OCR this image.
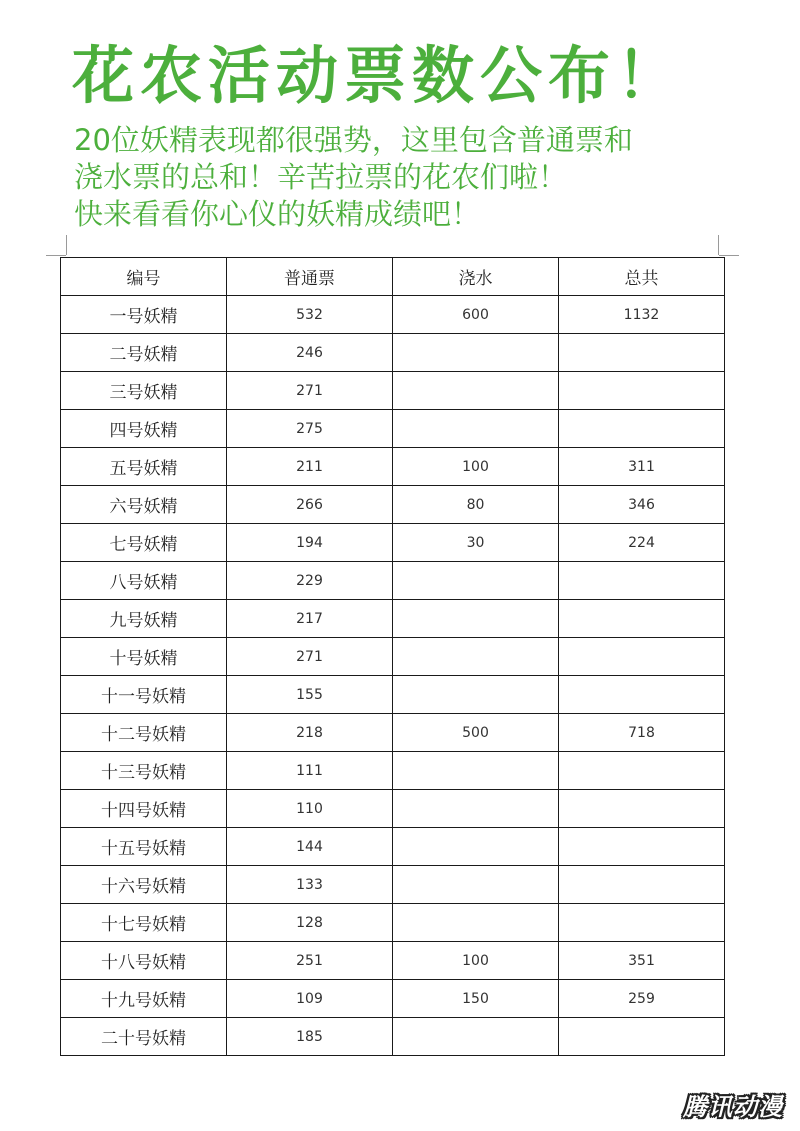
花农活动票数公布！
20位妖精表现都很强势，这里包含普通票和
浇水票的总和！辛苦拉票的花农们啦！
快来看看你心仪的妖精成绩吧！
编号	普通票	浇水	总共
一号妖精	532	600	1132
二号妖精	246		
三号妖精	271		
四号妖精	275		
五号妖精	211	100	311
六号妖精	266	80	346
七号妖精	194	30	224
八号妖精	229		
九号妖精	217		
十号妖精	271		
十一号妖精	155		
十二号妖精	218	500	718
十三号妖精	111		
十四号妖精	110		
十五号妖精	144		
十六号妖精	133		
十七号妖精	128		
十八号妖精	251	100	351
十九号妖精	109	150	259
二十号妖精	185		
腾讯动漫
